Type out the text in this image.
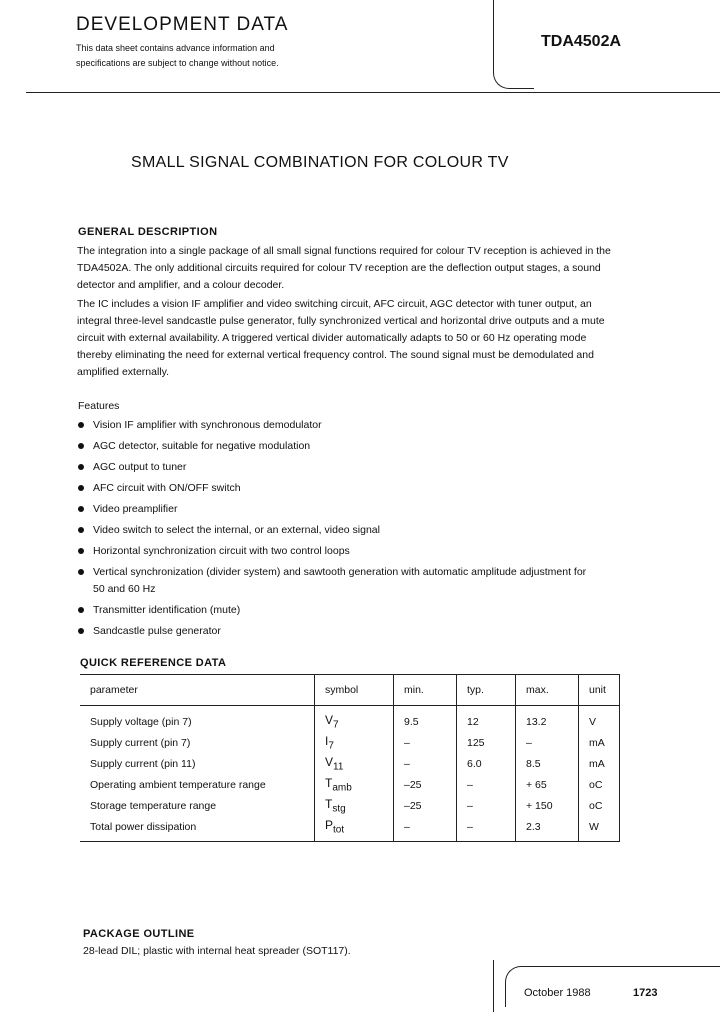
DEVELOPMENT DATA
This data sheet contains advance information and
specifications are subject to change without notice.
TDA4502A
SMALL SIGNAL COMBINATION FOR COLOUR TV
GENERAL DESCRIPTION

The integration into a single package of all small signal functions required for colour TV reception is achieved in the TDA4502A. The only additional circuits required for colour TV reception are the deflection output stages, a sound detector and amplifier, and a colour decoder.

The IC includes a vision IF amplifier and video switching circuit, AFC circuit, AGC detector with tuner output, an integral three-level sandcastle pulse generator, fully synchronized vertical and horizontal drive outputs and a mute circuit with external availability. A triggered vertical divider automatically adapts to 50 or 60 Hz operating mode thereby eliminating the need for external vertical frequency control. The sound signal must be demodulated and amplified externally.

Features
Vision IF amplifier with synchronous demodulator
AGC detector, suitable for negative modulation
AGC output to tuner
AFC circuit with ON/OFF switch
Video preamplifier
Video switch to select the internal, or an external, video signal
Horizontal synchronization circuit with two control loops
Vertical synchronization (divider system) and sawtooth generation with automatic amplitude adjustment for 50 and 60 Hz
Transmitter identification (mute)
Sandcastle pulse generator
QUICK REFERENCE DATA
parameter	symbol	min.	typ.	max.	unit
Supply voltage (pin 7)	$V_7$	9.5	12	13.2	V
Supply current (pin 7)	$I_7$	–	125	–	mA
Supply current (pin 11)	$V_{11}$	–	6.0	8.5	mA
Operating ambient temperature range	$T_{amb}$	–25	–	+ 65	oC
Storage temperature range	$T_{stg}$	–25	–	+ 150	oC
Total power dissipation	$P_{tot}$	–	–	2.3	W
PACKAGE OUTLINE
28-lead DIL; plastic with internal heat spreader (SOT117).
October 1988	1723
